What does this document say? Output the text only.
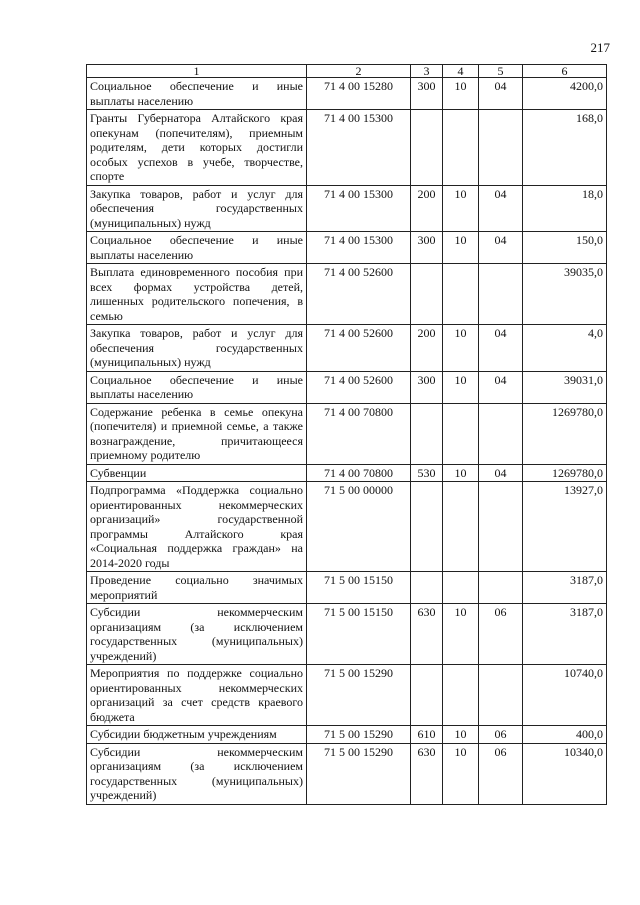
217
1	2	3	4	5	6
Социальное обеспечение и иные выплаты населению	71 4 00 15280	300	10	04	4200,0
Гранты Губернатора Алтайского края опекунам (попечителям), приемным родителям, дети которых достигли особых успехов в учебе, творчестве, спорте	71 4 00 15300				168,0
Закупка товаров, работ и услуг для обеспечения государственных (муниципальных) нужд	71 4 00 15300	200	10	04	18,0
Социальное обеспечение и иные выплаты населению	71 4 00 15300	300	10	04	150,0
Выплата единовременного пособия при всех формах устройства детей, лишенных родительского попечения, в семью	71 4 00 52600				39035,0
Закупка товаров, работ и услуг для обеспечения государственных (муниципальных) нужд	71 4 00 52600	200	10	04	4,0
Социальное обеспечение и иные выплаты населению	71 4 00 52600	300	10	04	39031,0
Содержание ребенка в семье опекуна (попечителя) и приемной семье, а также вознаграждение, причитающееся приемному родителю	71 4 00 70800				1269780,0
Субвенции	71 4 00 70800	530	10	04	1269780,0
Подпрограмма «Поддержка социально ориентированных некоммерческих организаций» государственной программы Алтайского края «Социальная поддержка граждан» на 2014-2020 годы	71 5 00 00000				13927,0
Проведение социально значимых мероприятий	71 5 00 15150				3187,0
Субсидии некоммерческим организациям (за исключением государственных (муниципальных) учреждений)	71 5 00 15150	630	10	06	3187,0
Мероприятия по поддержке социально ориентированных некоммерческих организаций за счет средств краевого бюджета	71 5 00 15290				10740,0
Субсидии бюджетным учреждениям	71 5 00 15290	610	10	06	400,0
Субсидии некоммерческим организациям (за исключением государственных (муниципальных) учреждений)	71 5 00 15290	630	10	06	10340,0
